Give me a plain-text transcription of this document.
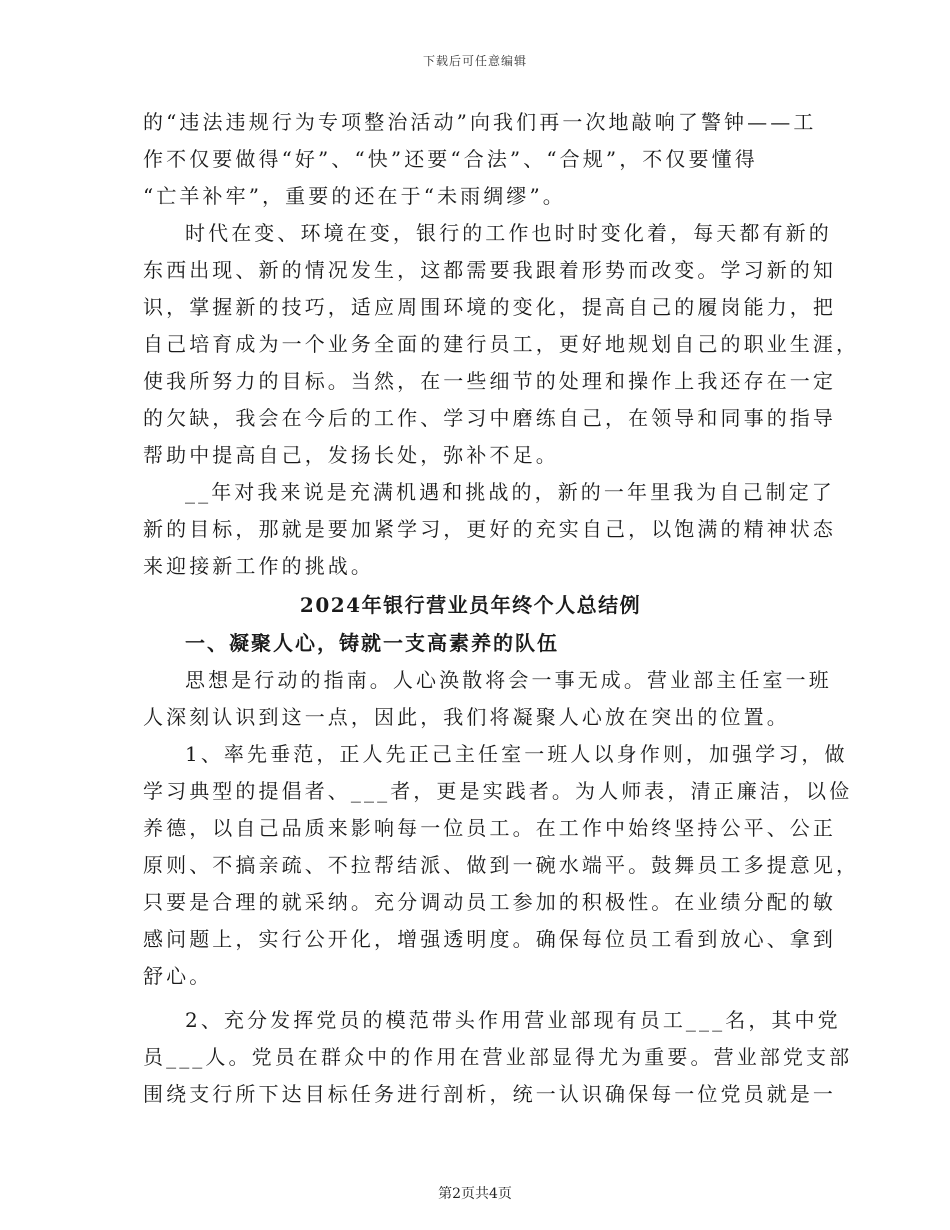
下载后可任意编辑
的“违法违规行为专项整治活动”向我们再一次地敲响了警钟——工
作不仅要做得“好”、“快”还要“合法”、“合规”，不仅要懂得
“亡羊补牢”，重要的还在于“未雨绸缪”。
时代在变、环境在变，银行的工作也时时变化着，每天都有新的
东西出现、新的情况发生，这都需要我跟着形势而改变。学习新的知
识，掌握新的技巧，适应周围环境的变化，提高自己的履岗能力，把
自己培育成为一个业务全面的建行员工，更好地规划自己的职业生涯，
使我所努力的目标。当然，在一些细节的处理和操作上我还存在一定
的欠缺，我会在今后的工作、学习中磨练自己，在领导和同事的指导
帮助中提高自己，发扬长处，弥补不足。
__年对我来说是充满机遇和挑战的，新的一年里我为自己制定了
新的目标，那就是要加紧学习，更好的充实自己，以饱满的精神状态
来迎接新工作的挑战。
2024年银行营业员年终个人总结例
一、凝聚人心，铸就一支高素养的队伍
思想是行动的指南。人心涣散将会一事无成。营业部主任室一班
人深刻认识到这一点，因此，我们将凝聚人心放在突出的位置。
1、率先垂范，正人先正己主任室一班人以身作则，加强学习，做
学习典型的提倡者、___者，更是实践者。为人师表，清正廉洁，以俭
养德，以自己品质来影响每一位员工。在工作中始终坚持公平、公正
原则、不搞亲疏、不拉帮结派、做到一碗水端平。鼓舞员工多提意见，
只要是合理的就采纳。充分调动员工参加的积极性。在业绩分配的敏
感问题上，实行公开化，增强透明度。确保每位员工看到放心、拿到
舒心。
2、充分发挥党员的模范带头作用营业部现有员工___名，其中党
员___人。党员在群众中的作用在营业部显得尤为重要。营业部党支部
围绕支行所下达目标任务进行剖析，统一认识确保每一位党员就是一
第2页共4页
